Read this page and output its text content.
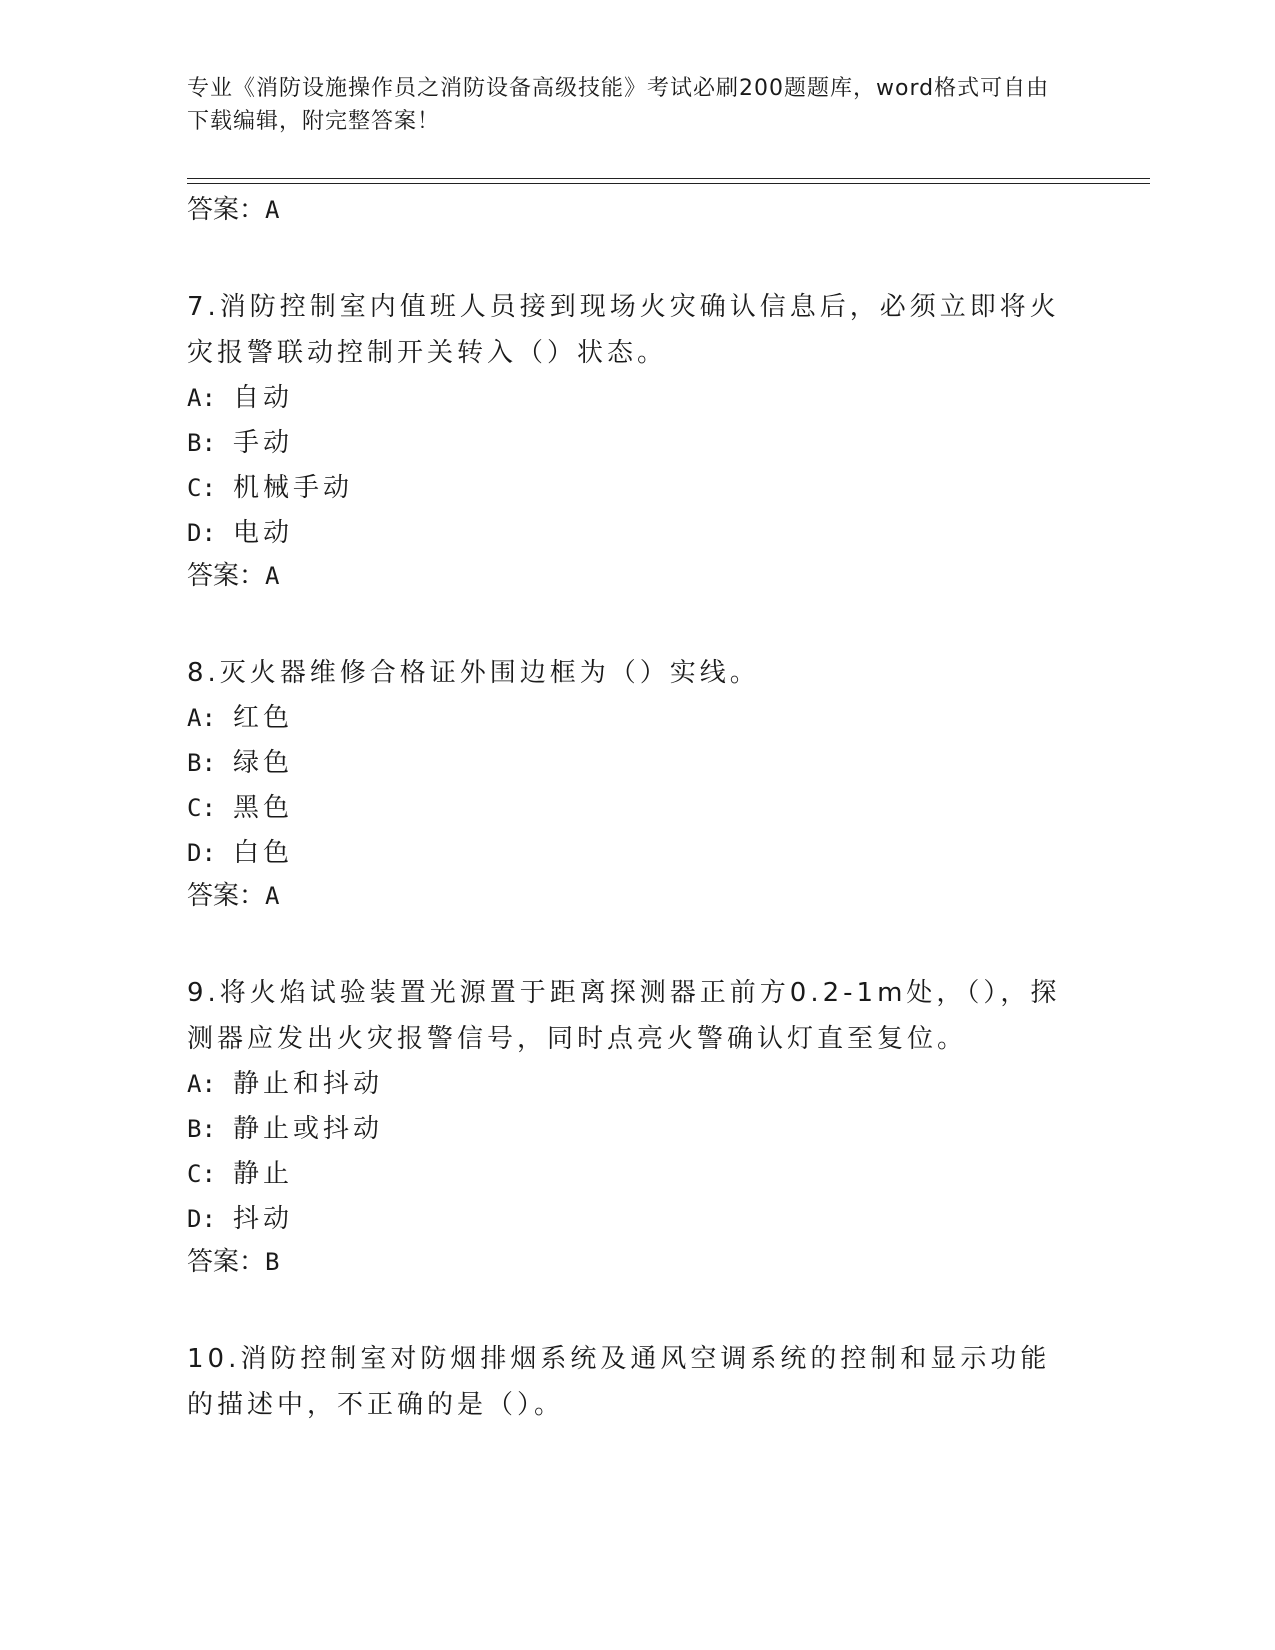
专业《消防设施操作员之消防设备高级技能》考试必刷200题题库，word格式可自由下载编辑，附完整答案！

答案：A

7.消防控制室内值班人员接到现场火灾确认信息后，必须立即将火灾报警联动控制开关转入（）状态。

A: 自动

B: 手动

C: 机械手动

D: 电动

答案：A

8.灭火器维修合格证外围边框为（）实线。

A: 红色

B: 绿色

C: 黑色

D: 白色

答案：A

9.将火焰试验装置光源置于距离探测器正前方0.2-1m处，（），探测器应发出火灾报警信号，同时点亮火警确认灯直至复位。

A: 静止和抖动

B: 静止或抖动

C: 静止

D: 抖动

答案：B

10.消防控制室对防烟排烟系统及通风空调系统的控制和显示功能的描述中，不正确的是（）。
